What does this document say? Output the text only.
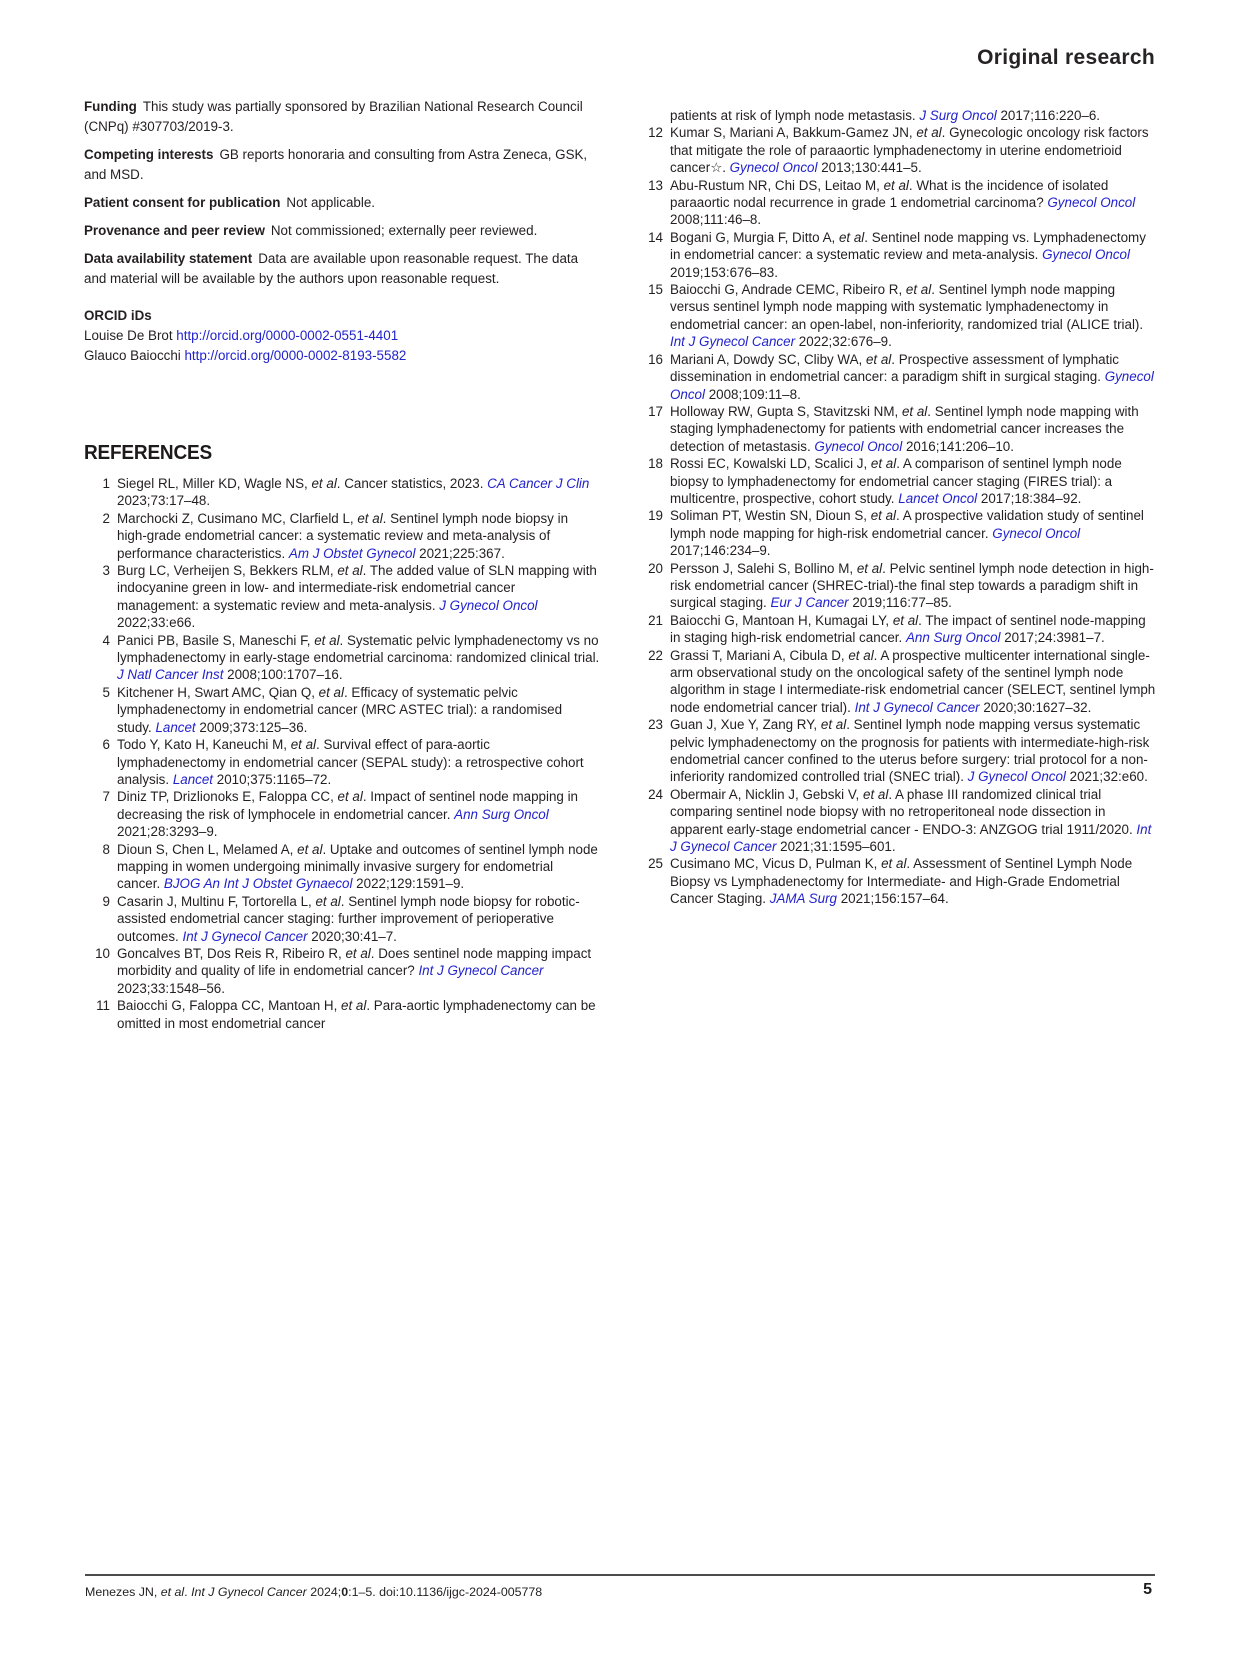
Original research

Funding This study was partially sponsored by Brazilian National Research Council (CNPq) #307703/2019-3.

Competing interests GB reports honoraria and consulting from Astra Zeneca, GSK, and MSD.

Patient consent for publication Not applicable.

Provenance and peer review Not commissioned; externally peer reviewed.

Data availability statement Data are available upon reasonable request. The data and material will be available by the authors upon reasonable request.

ORCID iDs
Louise De Brot http://orcid.org/0000-0002-0551-4401
Glauco Baiocchi http://orcid.org/0000-0002-8193-5582
REFERENCES
1 Siegel RL, Miller KD, Wagle NS, et al. Cancer statistics, 2023. CA Cancer J Clin 2023;73:17–48.
2 Marchocki Z, Cusimano MC, Clarfield L, et al. Sentinel lymph node biopsy in high-grade endometrial cancer: a systematic review and meta-analysis of performance characteristics. Am J Obstet Gynecol 2021;225:367.
3 Burg LC, Verheijen S, Bekkers RLM, et al. The added value of SLN mapping with indocyanine green in low- and intermediate-risk endometrial cancer management: a systematic review and meta-analysis. J Gynecol Oncol 2022;33:e66.
4 Panici PB, Basile S, Maneschi F, et al. Systematic pelvic lymphadenectomy vs no lymphadenectomy in early-stage endometrial carcinoma: randomized clinical trial. J Natl Cancer Inst 2008;100:1707–16.
5 Kitchener H, Swart AMC, Qian Q, et al. Efficacy of systematic pelvic lymphadenectomy in endometrial cancer (MRC ASTEC trial): a randomised study. Lancet 2009;373:125–36.
6 Todo Y, Kato H, Kaneuchi M, et al. Survival effect of para-aortic lymphadenectomy in endometrial cancer (SEPAL study): a retrospective cohort analysis. Lancet 2010;375:1165–72.
7 Diniz TP, Drizlionoks E, Faloppa CC, et al. Impact of sentinel node mapping in decreasing the risk of lymphocele in endometrial cancer. Ann Surg Oncol 2021;28:3293–9.
8 Dioun S, Chen L, Melamed A, et al. Uptake and outcomes of sentinel lymph node mapping in women undergoing minimally invasive surgery for endometrial cancer. BJOG An Int J Obstet Gynaecol 2022;129:1591–9.
9 Casarin J, Multinu F, Tortorella L, et al. Sentinel lymph node biopsy for robotic-assisted endometrial cancer staging: further improvement of perioperative outcomes. Int J Gynecol Cancer 2020;30:41–7.
10 Goncalves BT, Dos Reis R, Ribeiro R, et al. Does sentinel node mapping impact morbidity and quality of life in endometrial cancer? Int J Gynecol Cancer 2023;33:1548–56.
11 Baiocchi G, Faloppa CC, Mantoan H, et al. Para-aortic lymphadenectomy can be omitted in most endometrial cancer
patients at risk of lymph node metastasis. J Surg Oncol 2017;116:220–6.
12 Kumar S, Mariani A, Bakkum-Gamez JN, et al. Gynecologic oncology risk factors that mitigate the role of paraaortic lymphadenectomy in uterine endometrioid cancer☆. Gynecol Oncol 2013;130:441–5.
13 Abu-Rustum NR, Chi DS, Leitao M, et al. What is the incidence of isolated paraaortic nodal recurrence in grade 1 endometrial carcinoma? Gynecol Oncol 2008;111:46–8.
14 Bogani G, Murgia F, Ditto A, et al. Sentinel node mapping vs. Lymphadenectomy in endometrial cancer: a systematic review and meta-analysis. Gynecol Oncol 2019;153:676–83.
15 Baiocchi G, Andrade CEMC, Ribeiro R, et al. Sentinel lymph node mapping versus sentinel lymph node mapping with systematic lymphadenectomy in endometrial cancer: an open-label, non-inferiority, randomized trial (ALICE trial). Int J Gynecol Cancer 2022;32:676–9.
16 Mariani A, Dowdy SC, Cliby WA, et al. Prospective assessment of lymphatic dissemination in endometrial cancer: a paradigm shift in surgical staging. Gynecol Oncol 2008;109:11–8.
17 Holloway RW, Gupta S, Stavitzski NM, et al. Sentinel lymph node mapping with staging lymphadenectomy for patients with endometrial cancer increases the detection of metastasis. Gynecol Oncol 2016;141:206–10.
18 Rossi EC, Kowalski LD, Scalici J, et al. A comparison of sentinel lymph node biopsy to lymphadenectomy for endometrial cancer staging (FIRES trial): a multicentre, prospective, cohort study. Lancet Oncol 2017;18:384–92.
19 Soliman PT, Westin SN, Dioun S, et al. A prospective validation study of sentinel lymph node mapping for high-risk endometrial cancer. Gynecol Oncol 2017;146:234–9.
20 Persson J, Salehi S, Bollino M, et al. Pelvic sentinel lymph node detection in high-risk endometrial cancer (SHREC-trial)-the final step towards a paradigm shift in surgical staging. Eur J Cancer 2019;116:77–85.
21 Baiocchi G, Mantoan H, Kumagai LY, et al. The impact of sentinel node-mapping in staging high-risk endometrial cancer. Ann Surg Oncol 2017;24:3981–7.
22 Grassi T, Mariani A, Cibula D, et al. A prospective multicenter international single-arm observational study on the oncological safety of the sentinel lymph node algorithm in stage I intermediate-risk endometrial cancer (SELECT, sentinel lymph node endometrial cancer trial). Int J Gynecol Cancer 2020;30:1627–32.
23 Guan J, Xue Y, Zang RY, et al. Sentinel lymph node mapping versus systematic pelvic lymphadenectomy on the prognosis for patients with intermediate-high-risk endometrial cancer confined to the uterus before surgery: trial protocol for a non-inferiority randomized controlled trial (SNEC trial). J Gynecol Oncol 2021;32:e60.
24 Obermair A, Nicklin J, Gebski V, et al. A phase III randomized clinical trial comparing sentinel node biopsy with no retroperitoneal node dissection in apparent early-stage endometrial cancer - ENDO-3: ANZGOG trial 1911/2020. Int J Gynecol Cancer 2021;31:1595–601.
25 Cusimano MC, Vicus D, Pulman K, et al. Assessment of Sentinel Lymph Node Biopsy vs Lymphadenectomy for Intermediate- and High-Grade Endometrial Cancer Staging. JAMA Surg 2021;156:157–64.
Menezes JN, et al. Int J Gynecol Cancer 2024;0:1–5. doi:10.1136/ijgc-2024-005778	5
